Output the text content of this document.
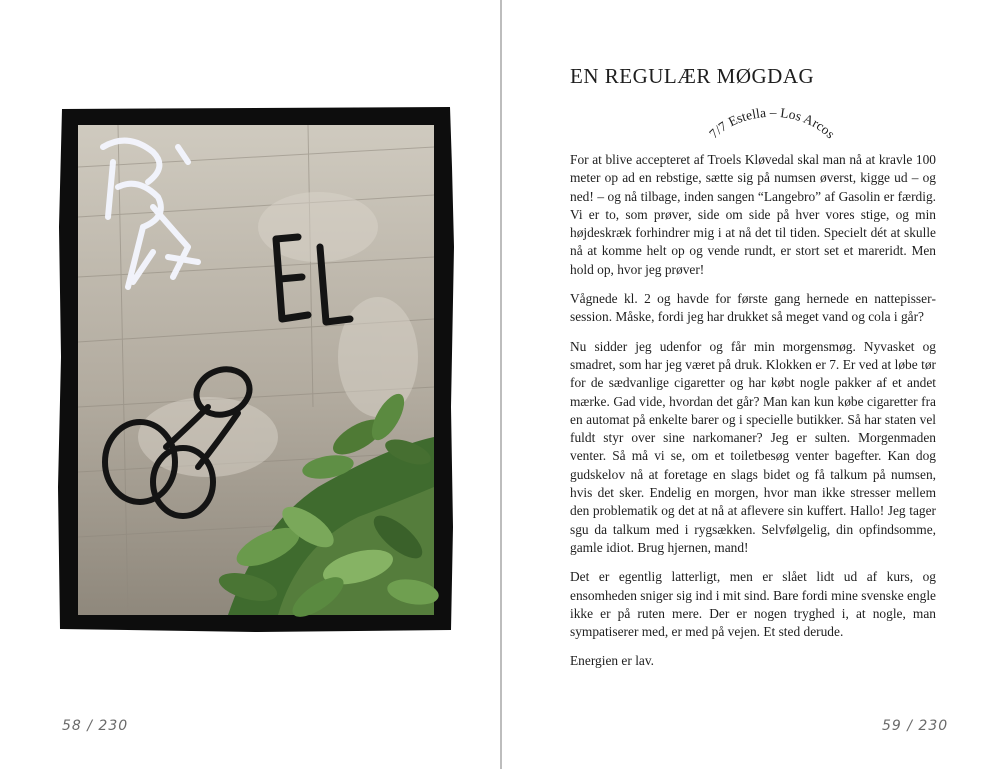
58 / 230
EN REGULÆR MØGDAG
7/7 Estella – Los Arcos

For at blive accepteret af Troels Kløvedal skal man nå at kravle 100 meter op ad en rebstige, sætte sig på numsen øverst, kigge ud – og ned! – og nå tilbage, inden sangen “Langebro” af Gasolin er færdig. Vi er to, som prøver, side om side på hver vores stige, og min højdeskræk forhindrer mig i at nå det til tiden. Specielt dét at skulle nå at komme helt op og vende rundt, er stort set et mareridt. Men hold op, hvor jeg prøver!

Vågnede kl. 2 og havde for første gang hernede en nattepissersession. Måske, fordi jeg har drukket så meget vand og cola i går?

Nu sidder jeg udenfor og får min morgensmøg. Nyvasket og smadret, som har jeg været på druk. Klokken er 7. Er ved at løbe tør for de sædvanlige cigaretter og har købt nogle pakker af et andet mærke. Gad vide, hvordan det går? Man kan kun købe cigaretter fra en automat på enkelte barer og i specielle butikker. Så har staten vel fuldt styr over sine narkomaner? Jeg er sulten. Morgenmaden venter. Så må vi se, om et toiletbesøg venter bagefter. Kan dog gudskelov nå at foretage en slags bidet og få talkum på numsen, hvis det sker. Endelig en morgen, hvor man ikke stresser mellem den problematik og det at nå at aflevere sin kuffert. Hallo! Jeg tager sgu da talkum med i rygsækken. Selvfølgelig, din opfindsomme, gamle idiot. Brug hjernen, mand!

Det er egentlig latterligt, men er slået lidt ud af kurs, og ensomheden sniger sig ind i mit sind. Bare fordi mine svenske engle ikke er på ruten mere. Der er nogen tryghed i, at nogle, man sympatiserer med, er med på vejen. Et sted derude.

Energien er lav.

59 / 230
